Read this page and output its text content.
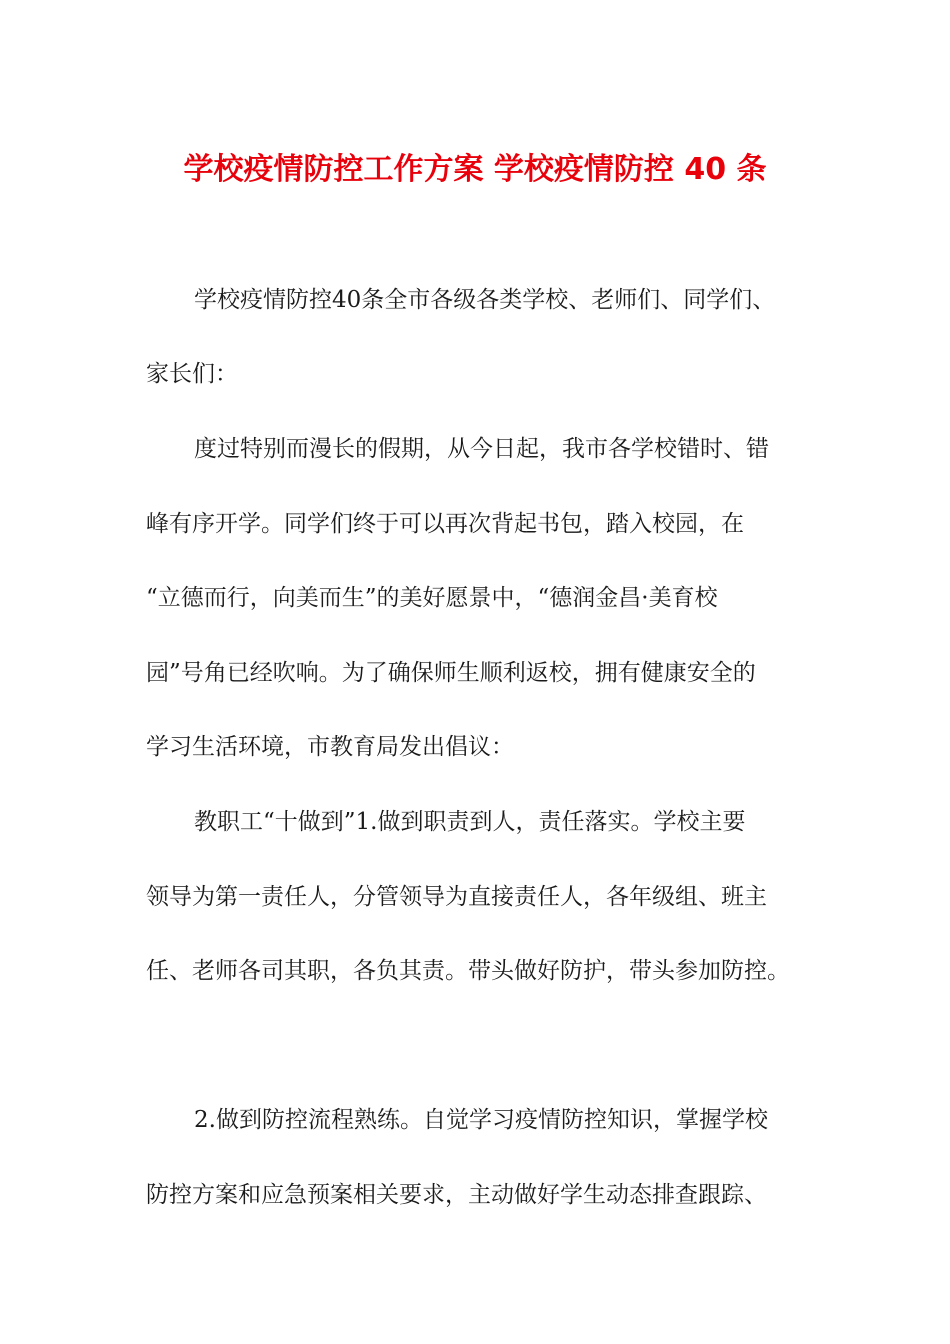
学校疫情防控工作方案 学校疫情防控 40 条
学校疫情防控40条全市各级各类学校、老师们、同学们、
家长们：
度过特别而漫长的假期，从今日起，我市各学校错时、错
峰有序开学。同学们终于可以再次背起书包，踏入校园，在
“立德而行，向美而生”的美好愿景中，“德润金昌·美育校
园”号角已经吹响。为了确保师生顺利返校，拥有健康安全的
学习生活环境，市教育局发出倡议：
教职工“十做到”1.做到职责到人，责任落实。学校主要
领导为第一责任人，分管领导为直接责任人，各年级组、班主
任、老师各司其职，各负其责。带头做好防护，带头参加防控。
2.做到防控流程熟练。自觉学习疫情防控知识，掌握学校
防控方案和应急预案相关要求，主动做好学生动态排查跟踪、
